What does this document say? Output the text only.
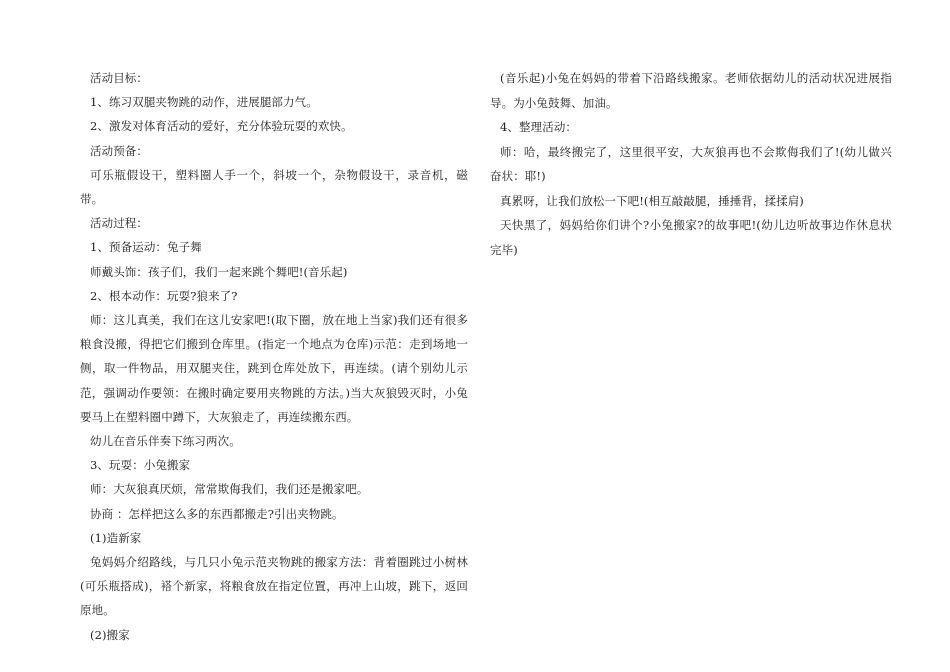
活动目标：

1、练习双腿夹物跳的动作，进展腿部力气。

2、激发对体育活动的爱好，充分体验玩耍的欢快。

活动预备：

可乐瓶假设干，塑料圈人手一个，斜坡一个，杂物假设干，录音机，磁带。

活动过程：

1、预备运动：兔子舞

师戴头饰：孩子们，我们一起来跳个舞吧!(音乐起)

2、根本动作：玩耍?狼来了?

师：这儿真美，我们在这儿安家吧!(取下圈，放在地上当家)我们还有很多粮食没搬，得把它们搬到仓库里。(指定一个地点为仓库)示范：走到场地一侧，取一件物品，用双腿夹住，跳到仓库处放下，再连续。(请个别幼儿示范，强调动作要领：在搬时确定要用夹物跳的方法。)当大灰狼毁灭时，小兔要马上在塑料圈中蹲下，大灰狼走了，再连续搬东西。

幼儿在音乐伴奏下练习两次。

3、玩耍：小兔搬家

师：大灰狼真厌烦，常常欺侮我们，我们还是搬家吧。

协商 ：怎样把这么多的东西都搬走?引出夹物跳。

(1)造新家

兔妈妈介绍路线，与几只小兔示范夹物跳的搬家方法：背着圈跳过小树林(可乐瓶搭成)，褡个新家，将粮食放在指定位置，再冲上山坡，跳下，返回原地。

(2)搬家

(音乐起)小兔在妈妈的带着下沿路线搬家。老师依据幼儿的活动状况进展指导。为小兔鼓舞、加油。

4、整理活动：

师：哈，最终搬完了，这里很平安，大灰狼再也不会欺侮我们了!(幼儿做兴奋状：耶!)

真累呀，让我们放松一下吧!(相互敲敲腿，捶捶背，揉揉肩)

天快黑了，妈妈给你们讲个?小兔搬家?的故事吧!(幼儿边听故事边作休息状完毕)
